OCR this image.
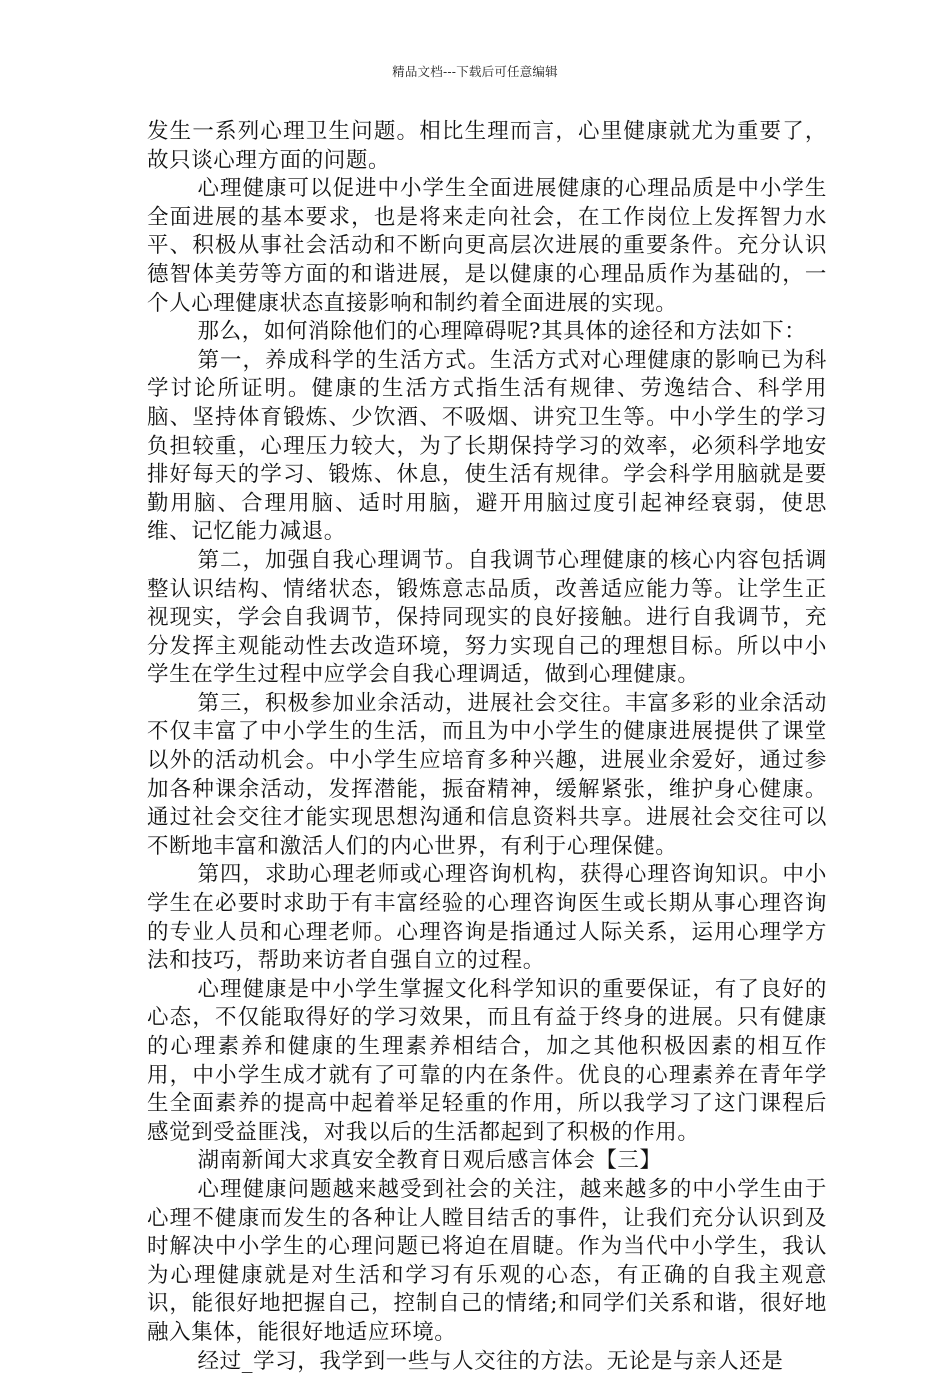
精品文档---下载后可任意编辑

发生一系列心理卫生问题。相比生理而言，心里健康就尤为重要了，故只谈心理方面的问题。

心理健康可以促进中小学生全面进展健康的心理品质是中小学生全面进展的基本要求，也是将来走向社会，在工作岗位上发挥智力水平、积极从事社会活动和不断向更高层次进展的重要条件。充分认识德智体美劳等方面的和谐进展，是以健康的心理品质作为基础的，一个人心理健康状态直接影响和制约着全面进展的实现。

那么，如何消除他们的心理障碍呢?其具体的途径和方法如下：

第一，养成科学的生活方式。生活方式对心理健康的影响已为科学讨论所证明。健康的生活方式指生活有规律、劳逸结合、科学用脑、坚持体育锻炼、少饮酒、不吸烟、讲究卫生等。中小学生的学习负担较重，心理压力较大，为了长期保持学习的效率，必须科学地安排好每天的学习、锻炼、休息，使生活有规律。学会科学用脑就是要勤用脑、合理用脑、适时用脑，避开用脑过度引起神经衰弱，使思维、记忆能力减退。

第二，加强自我心理调节。自我调节心理健康的核心内容包括调整认识结构、情绪状态，锻炼意志品质，改善适应能力等。让学生正视现实，学会自我调节，保持同现实的良好接触。进行自我调节，充分发挥主观能动性去改造环境，努力实现自己的理想目标。所以中小学生在学生过程中应学会自我心理调适，做到心理健康。

第三，积极参加业余活动，进展社会交往。丰富多彩的业余活动不仅丰富了中小学生的生活，而且为中小学生的健康进展提供了课堂以外的活动机会。中小学生应培育多种兴趣，进展业余爱好，通过参加各种课余活动，发挥潜能，振奋精神，缓解紧张，维护身心健康。通过社会交往才能实现思想沟通和信息资料共享。进展社会交往可以不断地丰富和激活人们的内心世界，有利于心理保健。

第四，求助心理老师或心理咨询机构，获得心理咨询知识。中小学生在必要时求助于有丰富经验的心理咨询医生或长期从事心理咨询的专业人员和心理老师。心理咨询是指通过人际关系，运用心理学方法和技巧，帮助来访者自强自立的过程。

心理健康是中小学生掌握文化科学知识的重要保证，有了良好的心态，不仅能取得好的学习效果，而且有益于终身的进展。只有健康的心理素养和健康的生理素养相结合，加之其他积极因素的相互作用，中小学生成才就有了可靠的内在条件。优良的心理素养在青年学生全面素养的提高中起着举足轻重的作用，所以我学习了这门课程后感觉到受益匪浅，对我以后的生活都起到了积极的作用。

湖南新闻大求真安全教育日观后感言体会【三】

心理健康问题越来越受到社会的关注，越来越多的中小学生由于心理不健康而发生的各种让人瞠目结舌的事件，让我们充分认识到及时解决中小学生的心理问题已将迫在眉睫。作为当代中小学生，我认为心理健康就是对生活和学习有乐观的心态，有正确的自我主观意识，能很好地把握自己，控制自己的情绪;和同学们关系和谐，很好地融入集体，能很好地适应环境。

经过_学习，我学到一些与人交往的方法。无论是与亲人还是
